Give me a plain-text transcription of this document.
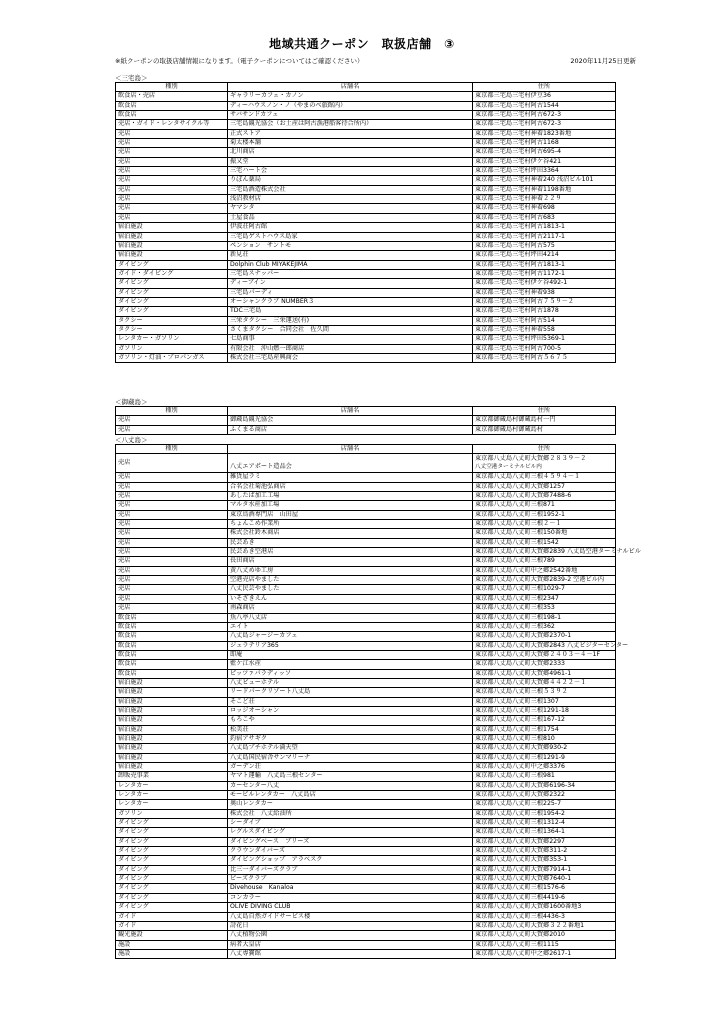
地域共通クーポン　取扱店舗　③
※紙クーポンの取扱店舗情報になります。（電子クーポンについてはご確認ください）	2020年11月25日更新
＜三宅島＞
種別	店舗名	住所
飲食店・売店	ギャラリーカフェ・カノン	東京都三宅島三宅村伊豆36
飲食店	ディーハウスノン・ノ（やまのべ旅館内）	東京都三宅島三宅村阿古1544
飲食店	サバサンドカフェ	東京都三宅島三宅村阿古672-3
売店・ガイド・レンタサイクル等	三宅島観光協会（お土産は阿古漁港船客待合所内）	東京都三宅島三宅村阿古672-3
売店	正式ストア	東京都三宅島三宅村神着1823番地
売店	菊太楼本舗	東京都三宅島三宅村阿古1168
売店	北川商店	東京都三宅島三宅村阿古695-4
売店	振又堂	東京都三宅島三宅村伊ケ谷421
売店	三宅ハート会	東京都三宅島三宅村坪田3364
売店	りぼん薬局	東京都三宅島三宅村神着240 浅沼ビル101
売店	三宅島酒造株式会社	東京都三宅島三宅村神着1198番地
売店	浅沼教材店	東京都三宅島三宅村神着２２９
売店	ヤマシタ	東京都三宅島三宅村神着698
売店	土屋食品	東京都三宅島三宅村阿古683
宿泊施設	伊波荘阿古館	東京都三宅島三宅村阿古1813-1
宿泊施設	三宅島ゲストハウス島家	東京都三宅島三宅村阿古2117-1
宿泊施設	ペンション　サントモ	東京都三宅島三宅村阿古575
宿泊施設	新見荘	東京都三宅島三宅村坪田4214
ダイビング	Dolphin Club MIYAKEJIMA	東京都三宅島三宅村阿古1813-1
ガイド・ダイビング	三宅島スナッパー	東京都三宅島三宅村阿古1172-1
ダイビング	ディーブイン	東京都三宅島三宅村伊ケ谷492-1
ダイビング	三宅島パーディ	東京都三宅島三宅村神着938
ダイビング	オーシャンクラブ NUMBER３	東京都三宅島三宅村阿古７５９－２
ダイビング	TDC三宅島	東京都三宅島三宅村阿古1878
タクシー	三栄タクシー　三栄運送(有)	東京都三宅島三宅村阿古514
タクシー	さくまタクシー　合同会社　佐久間	東京都三宅島三宅村神着558
レンタカー・ガソリン	七島商事	東京都三宅島三宅村坪田5369-1
ガソリン	有限会社　沖山燃一郎商店	東京都三宅島三宅村阿古700-5
ガソリン・灯油・プロパンガス	株式会社三宅島産興商会	東京都三宅島三宅村阿古５６７５
＜御蔵島＞
種別	店舗名	住所
売店	御蔵島観光協会	東京都御蔵島村御蔵島村一円
売店	ふくまる商店	東京都御蔵島村御蔵島村
＜八丈島＞
種別	店舗名	住所
売店	八丈エアポート造品会	東京都八丈島八丈町大賀郷２８３９－２
八丈空港ターミナルビル内

売店	雑貨屋ラミ	東京都八丈島八丈町三根４５９４－１
売店	合名会社菊池弘商店	東京都八丈島八丈町大賀郷1257
売店	あしたば加工工場	東京都八丈島八丈町大賀郷7488-6
売店	マルタ水産加工場	東京都八丈島八丈町三根871
売店	東京鳥酒専門店　山田屋	東京都八丈島八丈町三根1952-1
売店	ちょんこめ作業所	東京都八丈島八丈町三根２－１
売店	株式会社鈴木商店	東京都八丈島八丈町三根150番地
売店	民芸あき	東京都八丈島八丈町三根1542
売店	民芸あき空港店	東京都八丈島八丈町大賀郷2839 八丈島空港ターミナルビル
売店	長田商店	東京都八丈島八丈町三根789
売店	黄八丈めゆ工房	東京都八丈島八丈町中之郷2542番地
売店	空港売店やました	東京都八丈島八丈町大賀郷2839-2 空港ビル内
売店	八丈民芸やました	東京都八丈島八丈町三根1029-7
売店	いそざきえん	東京都八丈島八丈町三根2347
売店	南森商店	東京都八丈島八丈町三根353
飲食店	魚八亭八丈店	東京都八丈島八丈町三根198-1
飲食店	エイト	東京都八丈島八丈町三根362
飲食店	八丈島ジャージーカフェ	東京都八丈島八丈町大賀郷2370-1
飲食店	ジェラテリア365	東京都八丈島八丈町大賀郷2843 八丈ビジターセンター
飲食店	即庵	東京都八丈島八丈町大賀郷２４０３－４－1F
飲食店	藍ケ江水産	東京都八丈島八丈町大賀郷2333
飲食店	ピッツァパラディッソ	東京都八丈島八丈町大賀郷4961-1
宿泊施設	八丈ビューホテル	東京都八丈島八丈町大賀郷４４２２－１
宿泊施設	リードパークリゾート八丈島	東京都八丈島八丈町三根５３９２
宿泊施設	そこど荘	東京都八丈島八丈町三根1307
宿泊施設	ロッジオーシャン	東京都八丈島八丈町三根1291-18
宿泊施設	もろこや	東京都八丈島八丈町三根167-12
宿泊施設	松美荘	東京都八丈島八丈町三根1754
宿泊施設	釣宿アサギク	東京都八丈島八丈町三根810
宿泊施設	八丈島プチホテル満天望	東京都八丈島八丈町大賀郷930-2
宿泊施設	八丈島国民宿舎サンマリーナ	東京都八丈島八丈町三根1291-9
宿泊施設	ガーデン荘	東京都八丈島八丈町中之郷3376
卸販売事業	ヤマト運輸　八丈島三根センター	東京都八丈島八丈町三根981
レンタカー	カーセンター八丈	東京都八丈島八丈町大賀郷6196-34
レンタカー	モービルレンタカー　八丈島店	東京都八丈島八丈町大賀郷2322
レンタカー	奥山レンタカー	東京都八丈島八丈町三根225-7
ガソリン	株式会社　八丈給油所	東京都八丈島八丈町三根1954-2
ダイビング	シーダイブ	東京都八丈島八丈町三根1312-4
ダイビング	レグルスダイビング	東京都八丈島八丈町三根1364-1
ダイビング	ダイビングベース　ブリーズ	東京都八丈島八丈町大賀郷2297
ダイビング	クラウンダイバーズ	東京都八丈島八丈町大賀郷311-2
ダイビング	ダイビングショップ　アラベスク	東京都八丈島八丈町大賀郷353-1
ダイビング	比三一ダイバーズクラブ	東京都八丈島八丈町大賀郷7914-1
ダイビング	ビーズクラブ	東京都八丈島八丈町大賀郷7640-1
ダイビング	Divehouse　Kanaloa	東京都八丈島八丈町三根1576-6
ダイビング	コンカラー	東京都八丈島八丈町三根4419-6
ダイビング	OLIVE DIVING CLUB	東京都八丈島八丈町大賀郷1600番地3
ガイド	八丈島自然ガイドサービス楼	東京都八丈島八丈町三根4436-3
ガイド	詩花日	東京都八丈島八丈町大賀郷３２２番地1
観光施設	八丈植物公園	東京都八丈島八丈町大賀郷2010
施設	病者大皇店	東京都八丈島八丈町三根1115
施設	八丈専寶館	東京都八丈島八丈町中之郷2617-1
